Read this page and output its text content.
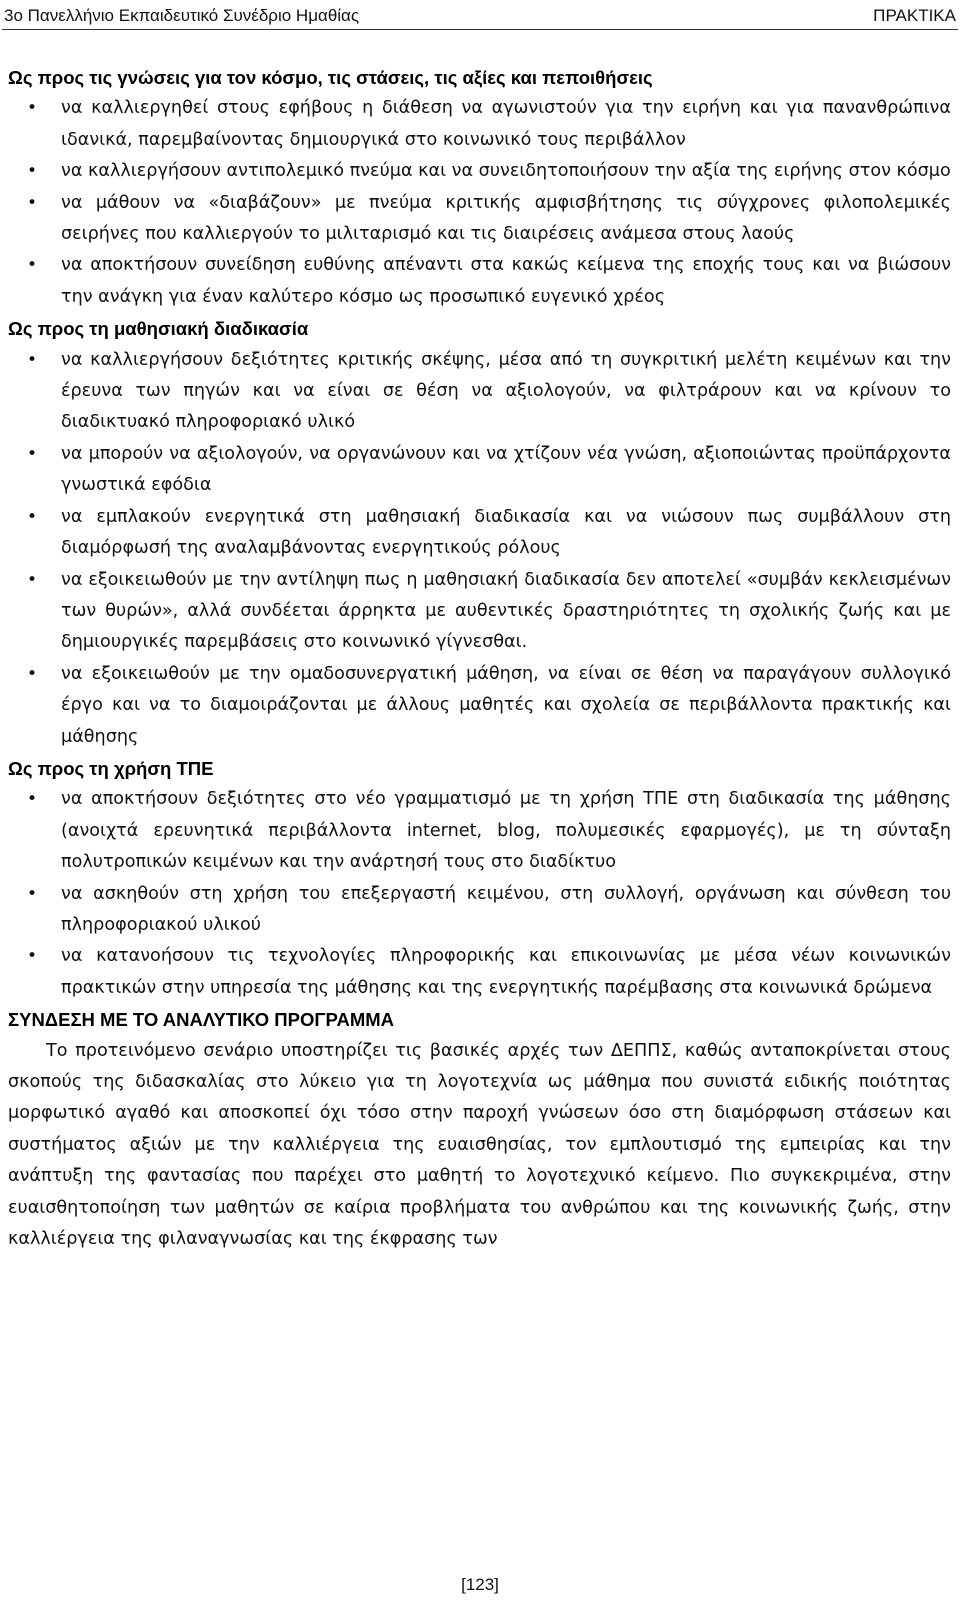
3ο Πανελλήνιο Εκπαιδευτικό Συνέδριο Ημαθίας	ΠΡΑΚΤΙΚΑ
Ως προς τις γνώσεις για τον κόσμο, τις στάσεις, τις αξίες και πεποιθήσεις
• να καλλιεργηθεί στους εφήβους η διάθεση να αγωνιστούν για την ειρήνη και για πανανθρώπινα ιδανικά, παρεμβαίνοντας δημιουργικά στο κοινωνικό τους περιβάλλον
• να καλλιεργήσουν αντιπολεμικό πνεύμα και να συνειδητοποιήσουν την αξία της ειρήνης στον κόσμο
• να μάθουν να «διαβάζουν» με πνεύμα κριτικής αμφισβήτησης τις σύγχρονες φιλοπολεμικές σειρήνες που καλλιεργούν το μιλιταρισμό και τις διαιρέσεις ανάμεσα στους λαούς
• να αποκτήσουν συνείδηση ευθύνης απέναντι στα κακώς κείμενα της εποχής τους και να βιώσουν την ανάγκη για έναν καλύτερο κόσμο ως προσωπικό ευγενικό χρέος
Ως προς τη μαθησιακή διαδικασία
• να καλλιεργήσουν δεξιότητες κριτικής σκέψης, μέσα από τη συγκριτική μελέτη κειμένων και την έρευνα των πηγών και να είναι σε θέση να αξιολογούν, να φιλτράρουν και να κρίνουν το διαδικτυακό πληροφοριακό υλικό
• να μπορούν να αξιολογούν, να οργανώνουν και να χτίζουν νέα γνώση, αξιοποιώντας προϋπάρχοντα γνωστικά εφόδια
• να εμπλακούν ενεργητικά στη μαθησιακή διαδικασία και να νιώσουν πως συμβάλλουν στη διαμόρφωσή της αναλαμβάνοντας ενεργητικούς ρόλους
• να εξοικειωθούν με την αντίληψη πως η μαθησιακή διαδικασία δεν αποτελεί «συμβάν κεκλεισμένων των θυρών», αλλά συνδέεται άρρηκτα με αυθεντικές δραστηριότητες τη σχολικής ζωής και με δημιουργικές παρεμβάσεις στο κοινωνικό γίγνεσθαι.
• να εξοικειωθούν με την ομαδοσυνεργατική μάθηση, να είναι σε θέση να παραγάγουν συλλογικό έργο και να το διαμοιράζονται με άλλους μαθητές και σχολεία σε περιβάλλοντα πρακτικής και μάθησης
Ως προς τη χρήση ΤΠΕ
• να αποκτήσουν δεξιότητες στο νέο γραμματισμό με τη χρήση ΤΠΕ στη διαδικασία της μάθησης (ανοιχτά ερευνητικά περιβάλλοντα internet, blog, πολυμεσικές εφαρμογές), με τη σύνταξη πολυτροπικών κειμένων και την ανάρτησή τους στο διαδίκτυο
• να ασκηθούν στη χρήση του επεξεργαστή κειμένου, στη συλλογή, οργάνωση και σύνθεση του πληροφοριακού υλικού
• να κατανοήσουν τις τεχνολογίες πληροφορικής και επικοινωνίας με μέσα νέων κοινωνικών πρακτικών στην υπηρεσία της μάθησης και της ενεργητικής παρέμβασης στα κοινωνικά δρώμενα
ΣΥΝΔΕΣΗ ΜΕ ΤΟ ΑΝΑΛΥΤΙΚΟ ΠΡΟΓΡΑΜΜΑ

Το προτεινόμενο σενάριο υποστηρίζει τις βασικές αρχές των ΔΕΠΠΣ, καθώς ανταποκρίνεται στους σκοπούς της διδασκαλίας στο λύκειο για τη λογοτεχνία ως μάθημα που συνιστά ειδικής ποιότητας μορφωτικό αγαθό και αποσκοπεί όχι τόσο στην παροχή γνώσεων όσο στη διαμόρφωση στάσεων και συστήματος αξιών με την καλλιέργεια της ευαισθησίας, τον εμπλουτισμό της εμπειρίας και την ανάπτυξη της φαντασίας που παρέχει στο μαθητή το λογοτεχνικό κείμενο. Πιο συγκεκριμένα, στην ευαισθητοποίηση των μαθητών σε καίρια προβλήματα του ανθρώπου και της κοινωνικής ζωής, στην καλλιέργεια της φιλαναγνωσίας και της έκφρασης των

[123]
